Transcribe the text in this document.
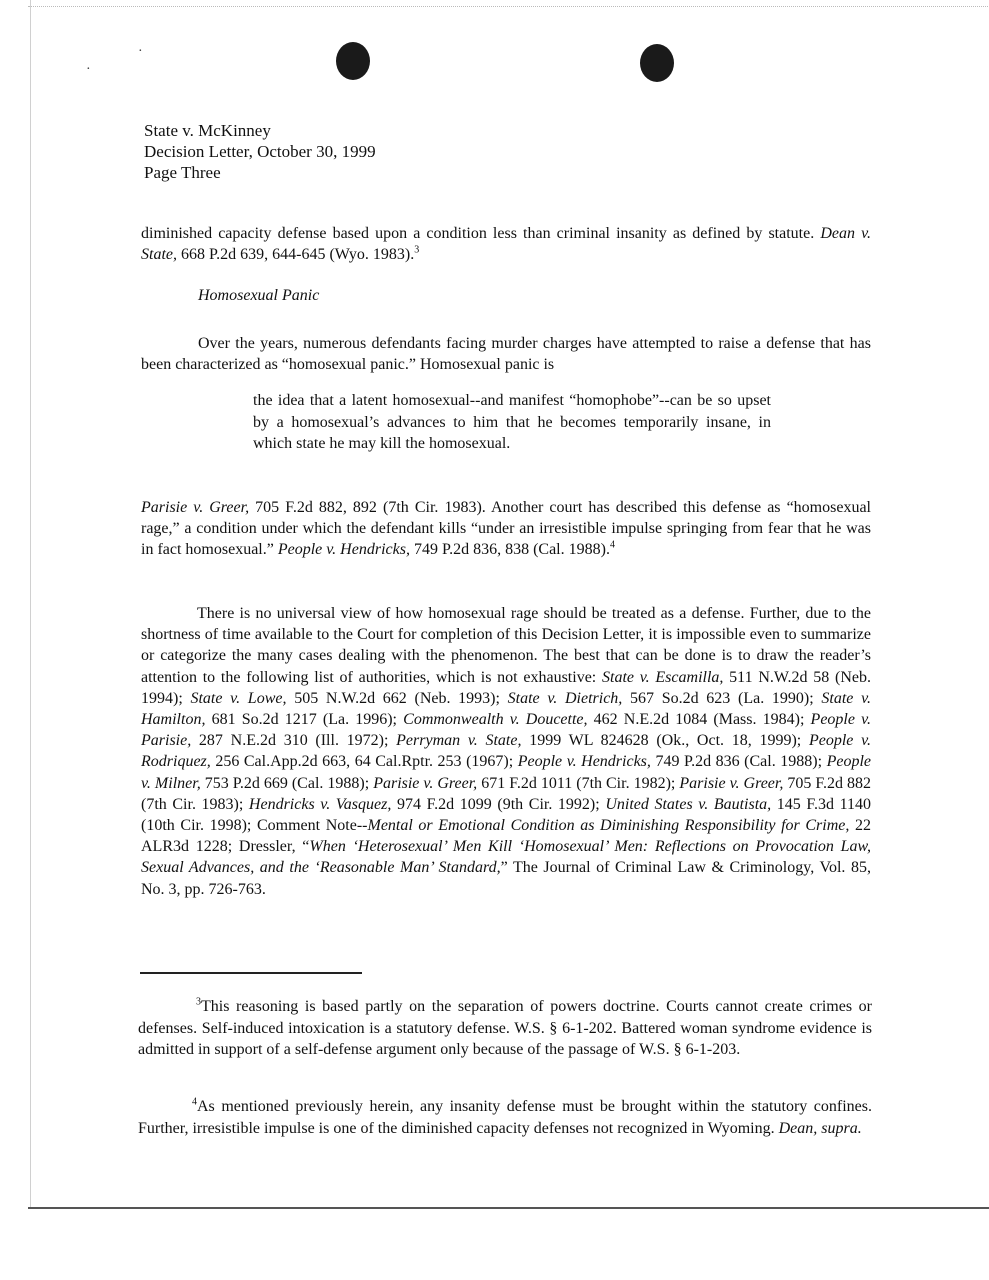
·
·
State v. McKinney
Decision Letter, October 30, 1999
Page Three
diminished capacity defense based upon a condition less than criminal insanity as defined by statute. Dean v. State, 668 P.2d 639, 644-645 (Wyo. 1983).$^3$
Homosexual Panic
Over the years, numerous defendants facing murder charges have attempted to raise a defense that has been characterized as “homosexual panic.” Homosexual panic is
the idea that a latent homosexual--and manifest “homophobe”--can be so upset by a homosexual’s advances to him that he becomes temporarily insane, in which state he may kill the homosexual.
Parisie v. Greer, 705 F.2d 882, 892 (7th Cir. 1983). Another court has described this defense as “homosexual rage,” a condition under which the defendant kills “under an irresistible impulse springing from fear that he was in fact homosexual.” People v. Hendricks, 749 P.2d 836, 838 (Cal. 1988).$^4$
There is no universal view of how homosexual rage should be treated as a defense. Further, due to the shortness of time available to the Court for completion of this Decision Letter, it is impossible even to summarize or categorize the many cases dealing with the phenomenon. The best that can be done is to draw the reader’s attention to the following list of authorities, which is not exhaustive: State v. Escamilla, 511 N.W.2d 58 (Neb. 1994); State v. Lowe, 505 N.W.2d 662 (Neb. 1993); State v. Dietrich, 567 So.2d 623 (La. 1990); State v. Hamilton, 681 So.2d 1217 (La. 1996); Commonwealth v. Doucette, 462 N.E.2d 1084 (Mass. 1984); People v. Parisie, 287 N.E.2d 310 (Ill. 1972); Perryman v. State, 1999 WL 824628 (Ok., Oct. 18, 1999); People v. Rodriquez, 256 Cal.App.2d 663, 64 Cal.Rptr. 253 (1967); People v. Hendricks, 749 P.2d 836 (Cal. 1988); People v. Milner, 753 P.2d 669 (Cal. 1988); Parisie v. Greer, 671 F.2d 1011 (7th Cir. 1982); Parisie v. Greer, 705 F.2d 882 (7th Cir. 1983); Hendricks v. Vasquez, 974 F.2d 1099 (9th Cir. 1992); United States v. Bautista, 145 F.3d 1140 (10th Cir. 1998); Comment Note--Mental or Emotional Condition as Diminishing Responsibility for Crime, 22 ALR3d 1228; Dressler, “When ‘Heterosexual’ Men Kill ‘Homosexual’ Men: Reflections on Provocation Law, Sexual Advances, and the ‘Reasonable Man’ Standard,” The Journal of Criminal Law & Criminology, Vol. 85, No. 3, pp. 726-763.
$^3$This reasoning is based partly on the separation of powers doctrine. Courts cannot create crimes or defenses. Self-induced intoxication is a statutory defense. W.S. § 6-1-202. Battered woman syndrome evidence is admitted in support of a self-defense argument only because of the passage of W.S. § 6-1-203.
$^4$As mentioned previously herein, any insanity defense must be brought within the statutory confines. Further, irresistible impulse is one of the diminished capacity defenses not recognized in Wyoming. Dean, supra.
